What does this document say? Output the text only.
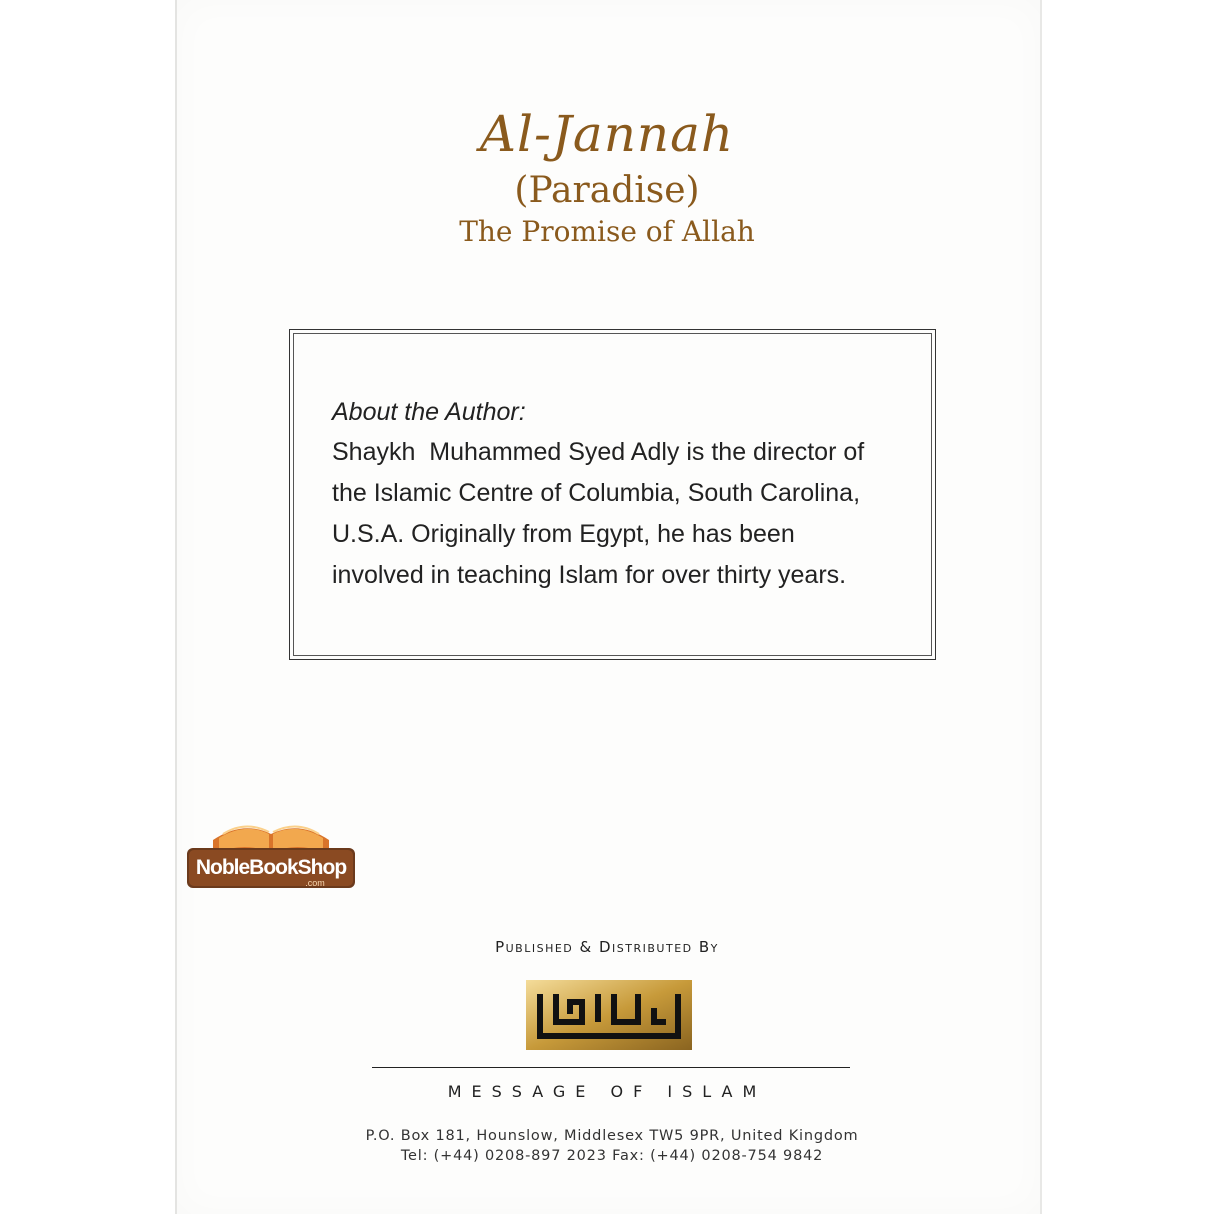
Al-Jannah
(Paradise)
The Promise of Allah
About the Author:
Shaykh  Muhammed Syed Adly is the director of
the Islamic Centre of Columbia, South Carolina,
U.S.A. Originally from Egypt, he has been
involved in teaching Islam for over thirty years.
NobleBookShop
.com
Published & Distributed By
MESSAGE OF ISLAM
P.O. Box 181, Hounslow, Middlesex TW5 9PR, United Kingdom
Tel: (+44) 0208-897 2023 Fax: (+44) 0208-754 9842
